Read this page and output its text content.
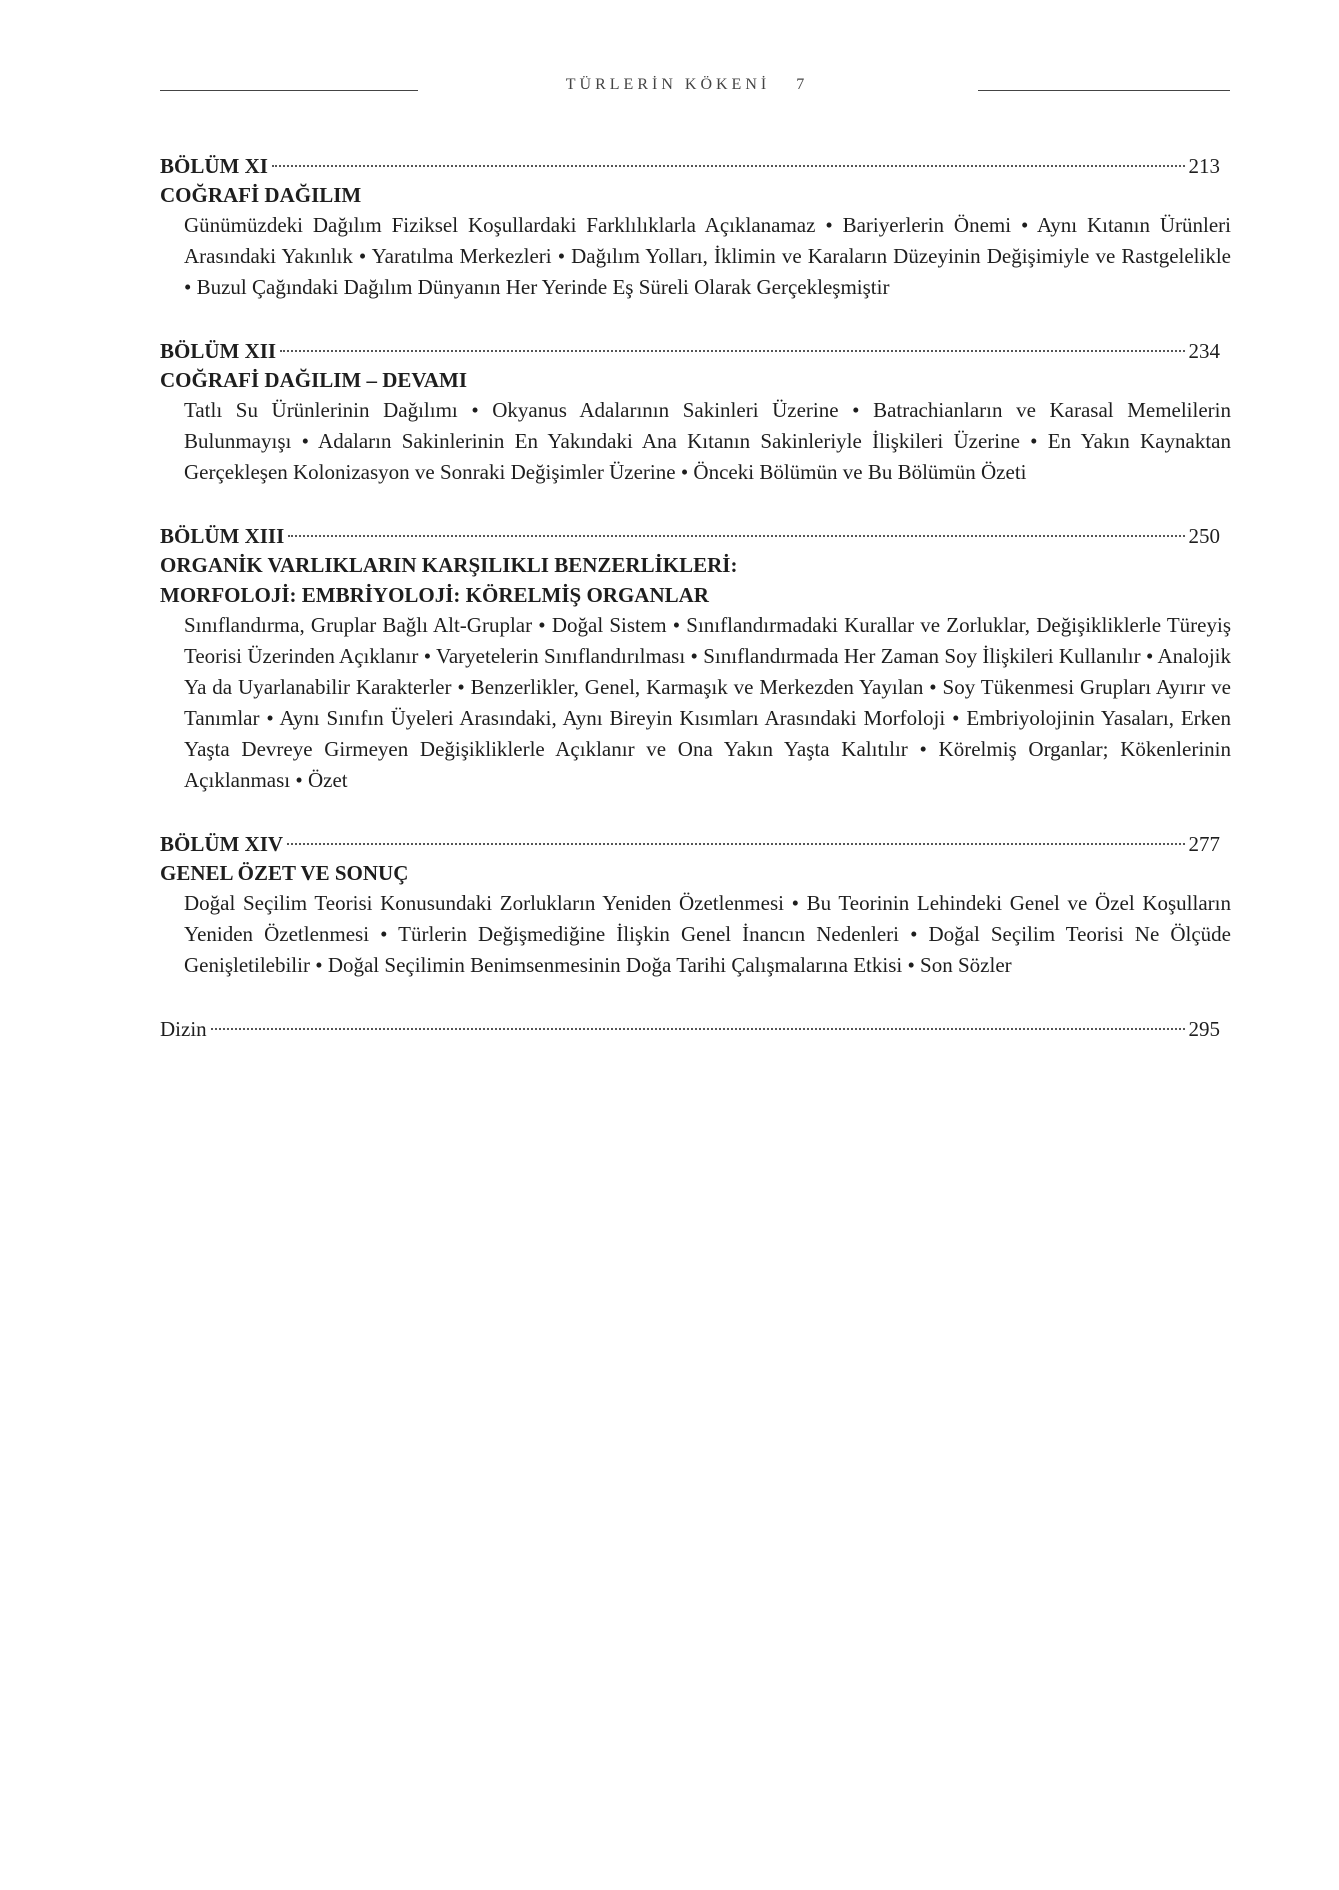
TÜRLERİN KÖKENİ 7
BÖLÜM XI	213
COĞRAFİ DAĞILIM
Günümüzdeki Dağılım Fiziksel Koşullardaki Farklılıklarla Açıklanamaz • Bariyerlerin Önemi • Aynı Kıtanın Ürünleri Arasındaki Yakınlık • Yaratılma Merkezleri • Dağılım Yolları, İklimin ve Karaların Düzeyinin Değişimiyle ve Rastgelelikle • Buzul Çağındaki Dağılım Dünyanın Her Yerinde Eş Süreli Olarak Gerçekleşmiştir
BÖLÜM XII	234
COĞRAFİ DAĞILIM – DEVAMI
Tatlı Su Ürünlerinin Dağılımı • Okyanus Adalarının Sakinleri Üzerine • Batrachianların ve Karasal Memelilerin Bulunmayışı • Adaların Sakinlerinin En Yakındaki Ana Kıtanın Sakinleriyle İlişkileri Üzerine • En Yakın Kaynaktan Gerçekleşen Kolonizasyon ve Sonraki Değişimler Üzerine • Önceki Bölümün ve Bu Bölümün Özeti
BÖLÜM XIII	250
ORGANİK VARLIKLARIN KARŞILIKLI BENZERLİKLERİ:
MORFOLOJİ: EMBRİYOLOJİ: KÖRELMİŞ ORGANLAR
Sınıflandırma, Gruplar Bağlı Alt-Gruplar • Doğal Sistem • Sınıflandırmadaki Kurallar ve Zorluklar, Değişikliklerle Türeyiş Teorisi Üzerinden Açıklanır • Varyetelerin Sınıflandırılması • Sınıflandırmada Her Zaman Soy İlişkileri Kullanılır • Analojik Ya da Uyarlanabilir Karakterler • Benzerlikler, Genel, Karmaşık ve Merkezden Yayılan • Soy Tükenmesi Grupları Ayırır ve Tanımlar • Aynı Sınıfın Üyeleri Arasındaki, Aynı Bireyin Kısımları Arasındaki Morfoloji • Embriyolojinin Yasaları, Erken Yaşta Devreye Girmeyen Değişikliklerle Açıklanır ve Ona Yakın Yaşta Kalıtılır • Körelmiş Organlar; Kökenlerinin Açıklanması • Özet
BÖLÜM XIV	277
GENEL ÖZET VE SONUÇ
Doğal Seçilim Teorisi Konusundaki Zorlukların Yeniden Özetlenmesi • Bu Teorinin Lehindeki Genel ve Özel Koşulların Yeniden Özetlenmesi • Türlerin Değişmediğine İlişkin Genel İnancın Nedenleri • Doğal Seçilim Teorisi Ne Ölçüde Genişletilebilir • Doğal Seçilimin Benimsenmesinin Doğa Tarihi Çalışmalarına Etkisi • Son Sözler
Dizin	295
